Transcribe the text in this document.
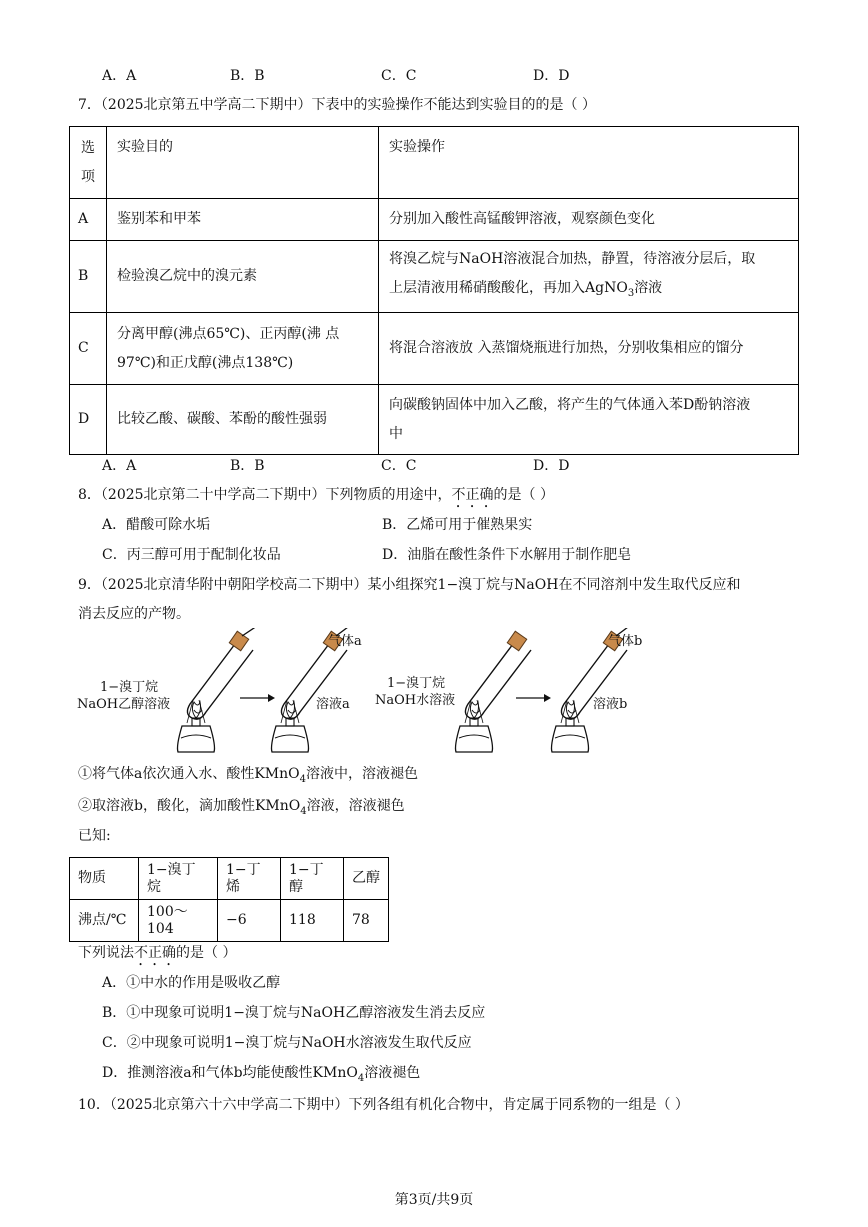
A．A	B．B	C．C	D．D
7．（2025北京第五中学高二下期中）下表中的实验操作不能达到实验目的的是（ ）
选
项	实验目的	实验操作
A	鉴别苯和甲苯	分别加入酸性高锰酸钾溶液，观察颜色变化
B	检验溴乙烷中的溴元素	将溴乙烷与NaOH溶液混合加热，静置，待溶液分层后，取
上层清液用稀硝酸酸化，再加入AgNO$_3$溶液

C	分离甲醇(沸点65℃)、正丙醇(沸 点
97℃)和正戊醇(沸点138℃)	将混合溶液放 入蒸馏烧瓶进行加热，分别收集相应的馏分
D	比较乙酸、碳酸、苯酚的酸性强弱	向碳酸钠固体中加入乙酸，将产生的气体通入苯D酚钠溶液
中
A．A	B．B	C．C	D．D
8．（2025北京第二十中学高二下期中）下列物质的用途中，不正确的是（ ）
A．醋酸可除水垢	B．乙烯可用于催熟果实
C．丙三醇可用于配制化妆品	D．油脂在酸性条件下水解用于制作肥皂
9．（2025北京清华附中朝阳学校高二下期中）某小组探究1−溴丁烷与NaOH在不同溶剂中发生取代反应和
消去反应的产物。
1−溴丁烷
NaOH乙醇溶液
气体a
溶液a
1−溴丁烷
NaOH水溶液
气体b
溶液b
①将气体a依次通入水、酸性KMnO$_4$溶液中，溶液褪色
②取溶液b，酸化，滴加酸性KMnO$_4$溶液，溶液褪色
已知:
物质	1−溴丁烷	1−丁烯	1−丁醇	乙醇
沸点/℃	100～104	−6	118	78
下列说法不正确的是（ ）
A．①中水的作用是吸收乙醇
B．①中现象可说明1−溴丁烷与NaOH乙醇溶液发生消去反应
C．②中现象可说明1−溴丁烷与NaOH水溶液发生取代反应
D．推测溶液a和气体b均能使酸性KMnO$_4$溶液褪色
10．（2025北京第六十六中学高二下期中）下列各组有机化合物中，肯定属于同系物的一组是（ ）
第3页/共9页
